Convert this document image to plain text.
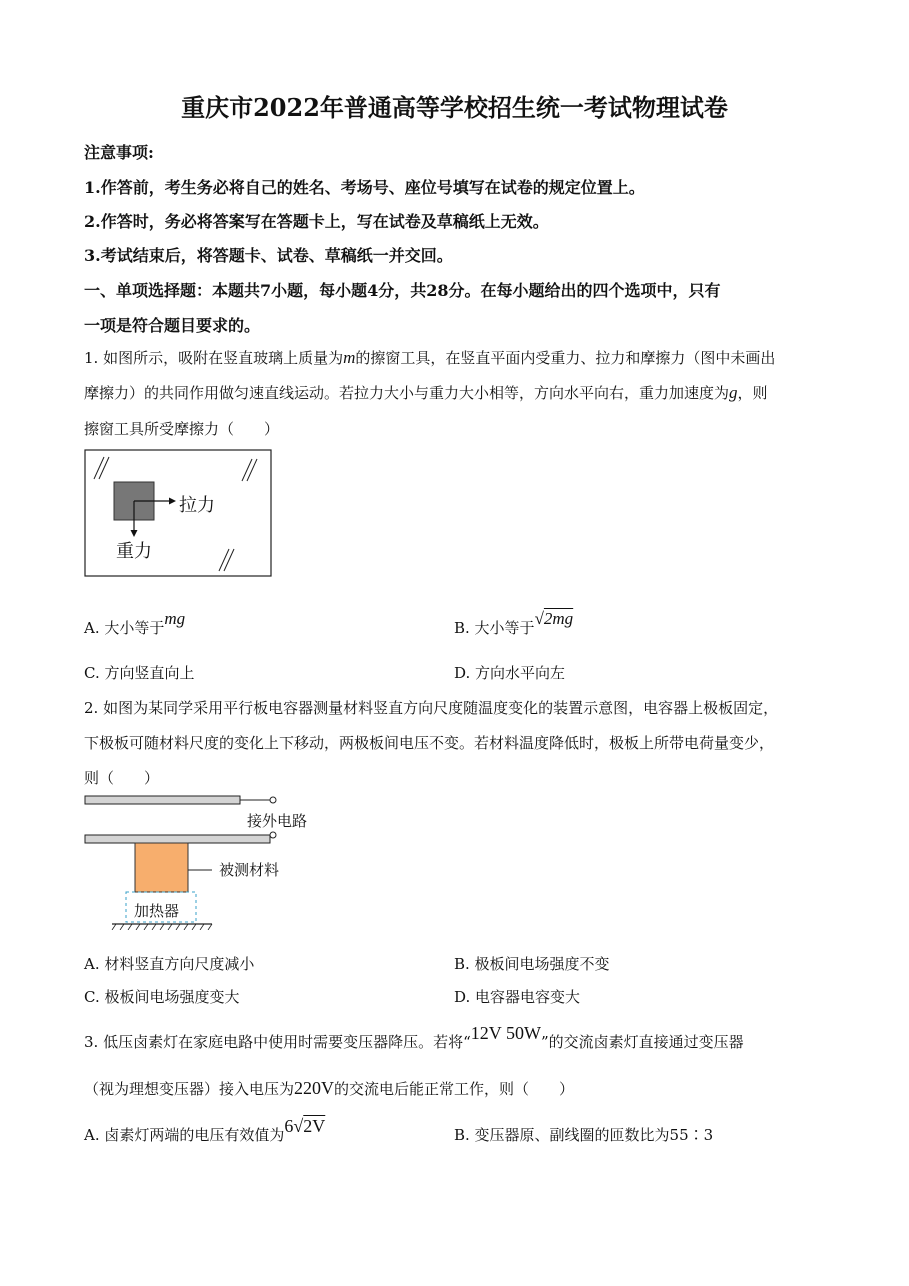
重庆市2022年普通高等学校招生统一考试物理试卷
注意事项:
1.作答前，考生务必将自己的姓名、考场号、座位号填写在试卷的规定位置上。
2.作答时，务必将答案写在答题卡上，写在试卷及草稿纸上无效。
3.考试结束后，将答题卡、试卷、草稿纸一并交回。
一、单项选择题：本题共7小题，每小题4分，共28分。在每小题给出的四个选项中，只有
一项是符合题目要求的。
1. 如图所示，吸附在竖直玻璃上质量为m的擦窗工具，在竖直平面内受重力、拉力和摩擦力（图中未画出
摩擦力）的共同作用做匀速直线运动。若拉力大小与重力大小相等，方向水平向右，重力加速度为g，则
擦窗工具所受摩擦力（　　）
拉力
重力
A. 大小等于mg	B. 大小等于√2mg
C. 方向竖直向上	D. 方向水平向左
2. 如图为某同学采用平行板电容器测量材料竖直方向尺度随温度变化的装置示意图，电容器上极板固定，
下极板可随材料尺度的变化上下移动，两极板间电压不变。若材料温度降低时，极板上所带电荷量变少，
则（　　）
接外电路
被测材料
加热器
A. 材料竖直方向尺度减小	B. 极板间电场强度不变
C. 极板间电场强度变大	D. 电容器电容变大
3. 低压卤素灯在家庭电路中使用时需要变压器降压。若将“12V 50W”的交流卤素灯直接通过变压器
（视为理想变压器）接入电压为220V的交流电后能正常工作，则（　　）
A. 卤素灯两端的电压有效值为6√2V	B. 变压器原、副线圈的匝数比为55∶3
